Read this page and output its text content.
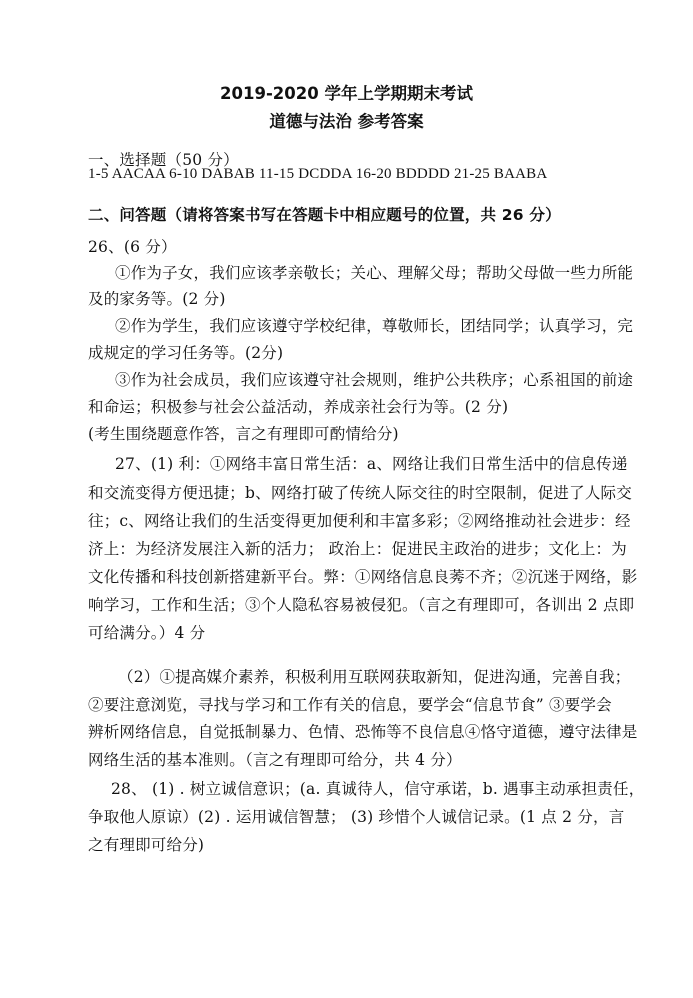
2019-2020 学年上学期期末考试
道德与法治 参考答案
一、选择题（50 分）
1-5 AACAA 6-10 DABAB 11-15 DCDDA 16-20 BDDDD 21-25 BAABA
二、问答题（请将答案书写在答题卡中相应题号的位置，共 26 分）
26、(6 分）
①作为子女，我们应该孝亲敬长；关心、理解父母；帮助父母做一些力所能
及的家务等。(2 分)
②作为学生，我们应该遵守学校纪律，尊敬师长，团结同学；认真学习，完
成规定的学习任务等。(2分)
③作为社会成员，我们应该遵守社会规则，维护公共秩序；心系祖国的前途
和命运；积极参与社会公益活动，养成亲社会行为等。(2 分)
(考生围绕题意作答，言之有理即可酌情给分)
27、(1) 利：①网络丰富日常生活：a、网络让我们日常生活中的信息传递
和交流变得方便迅捷；b、网络打破了传统人际交往的时空限制，促进了人际交
往；c、网络让我们的生活变得更加便利和丰富多彩；②网络推动社会进步：经
济上：为经济发展注入新的活力； 政治上：促进民主政治的进步；文化上：为
文化传播和科技创新搭建新平台。弊：①网络信息良莠不齐；②沉迷于网络，影
响学习，工作和生活；③个人隐私容易被侵犯。（言之有理即可，各训出 2 点即
可给满分。）4 分
（2）①提高媒介素养，积极利用互联网获取新知，促进沟通，完善自我；
②要注意浏览，寻找与学习和工作有关的信息，要学会“信息节食” ③要学会
辨析网络信息，自觉抵制暴力、色情、恐怖等不良信息④恪守道德，遵守法律是
网络生活的基本准则。（言之有理即可给分，共 4 分）
28、 (1) . 树立诚信意识；(a. 真诚待人，信守承诺，b. 遇事主动承担责任，
争取他人原谅）(2) . 运用诚信智慧； (3) 珍惜个人诚信记录。(1 点 2 分，言
之有理即可给分)
